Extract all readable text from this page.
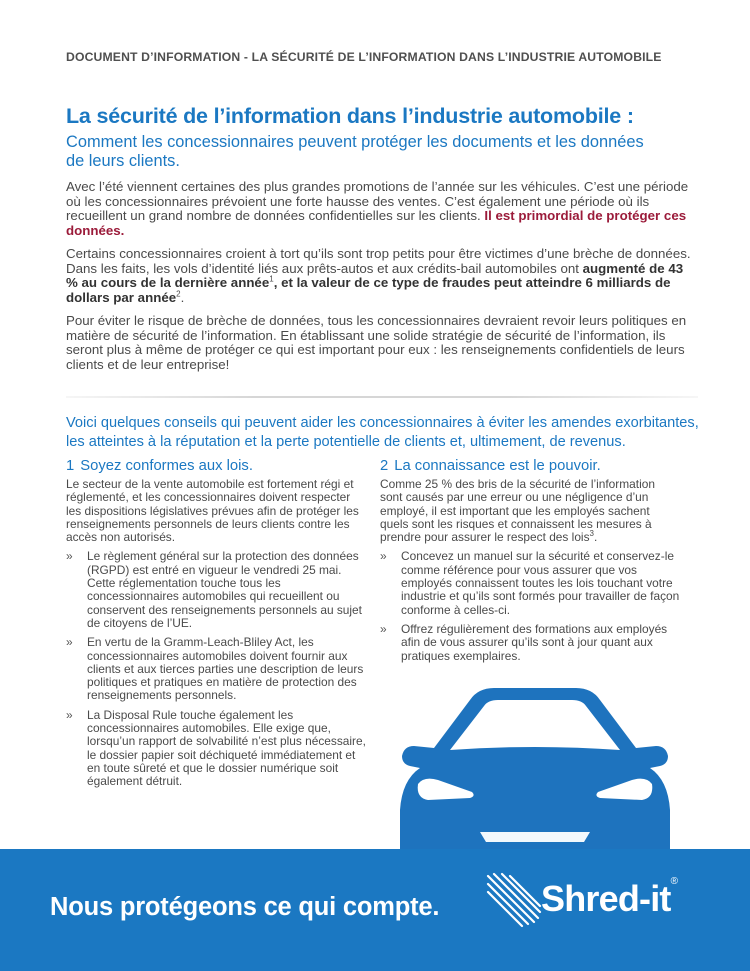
DOCUMENT D’INFORMATION - LA SÉCURITÉ DE L’INFORMATION DANS L’INDUSTRIE AUTOMOBILE
La sécurité de l’information dans l’industrie automobile :
Comment les concessionnaires peuvent protéger les documents et les données de leurs clients.
Avec l’été viennent certaines des plus grandes promotions de l’année sur les véhicules. C’est une période où les concessionnaires prévoient une forte hausse des ventes. C’est également une période où ils recueillent un grand nombre de données confidentielles sur les clients. Il est primordial de protéger ces données.
Certains concessionnaires croient à tort qu’ils sont trop petits pour être victimes d’une brèche de données. Dans les faits, les vols d’identité liés aux prêts-autos et aux crédits-bail automobiles ont augmenté de 43 % au cours de la dernière année$^1$, et la valeur de ce type de fraudes peut atteindre 6 milliards de dollars par année$^2$.
Pour éviter le risque de brèche de données, tous les concessionnaires devraient revoir leurs politiques en matière de sécurité de l’information. En établissant une solide stratégie de sécurité de l’information, ils seront plus à même de protéger ce qui est important pour eux : les renseignements confidentiels de leurs clients et de leur entreprise!
Voici quelques conseils qui peuvent aider les concessionnaires à éviter les amendes exorbitantes, les atteintes à la réputation et la perte potentielle de clients et, ultimement, de revenus.
1 Soyez conformes aux lois.
Le secteur de la vente automobile est fortement régi et réglementé, et les concessionnaires doivent respecter les dispositions législatives prévues afin de protéger les renseignements personnels de leurs clients contre les accès non autorisés.
» Le règlement général sur la protection des données (RGPD) est entré en vigueur le vendredi 25 mai. Cette réglementation touche tous les concessionnaires automobiles qui recueillent ou conservent des renseignements personnels au sujet de citoyens de l’UE.
» En vertu de la Gramm-Leach-Bliley Act, les concessionnaires automobiles doivent fournir aux clients et aux tierces parties une description de leurs politiques et pratiques en matière de protection des renseignements personnels.
» La Disposal Rule touche également les concessionnaires automobiles. Elle exige que, lorsqu’un rapport de solvabilité n’est plus nécessaire, le dossier papier soit déchiqueté immédiatement et en toute sûreté et que le dossier numérique soit également détruit.
2 La connaissance est le pouvoir.
Comme 25 % des bris de la sécurité de l’information sont causés par une erreur ou une négligence d’un employé, il est important que les employés sachent quels sont les risques et connaissent les mesures à prendre pour assurer le respect des lois$^3$.
» Concevez un manuel sur la sécurité et conservez-le comme référence pour vous assurer que vos employés connaissent toutes les lois touchant votre industrie et qu’ils sont formés pour travailler de façon conforme à celles-ci.
» Offrez régulièrement des formations aux employés afin de vous assurer qu’ils sont à jour quant aux pratiques exemplaires.
Nous protégeons ce qui compte.	Shred-it®
